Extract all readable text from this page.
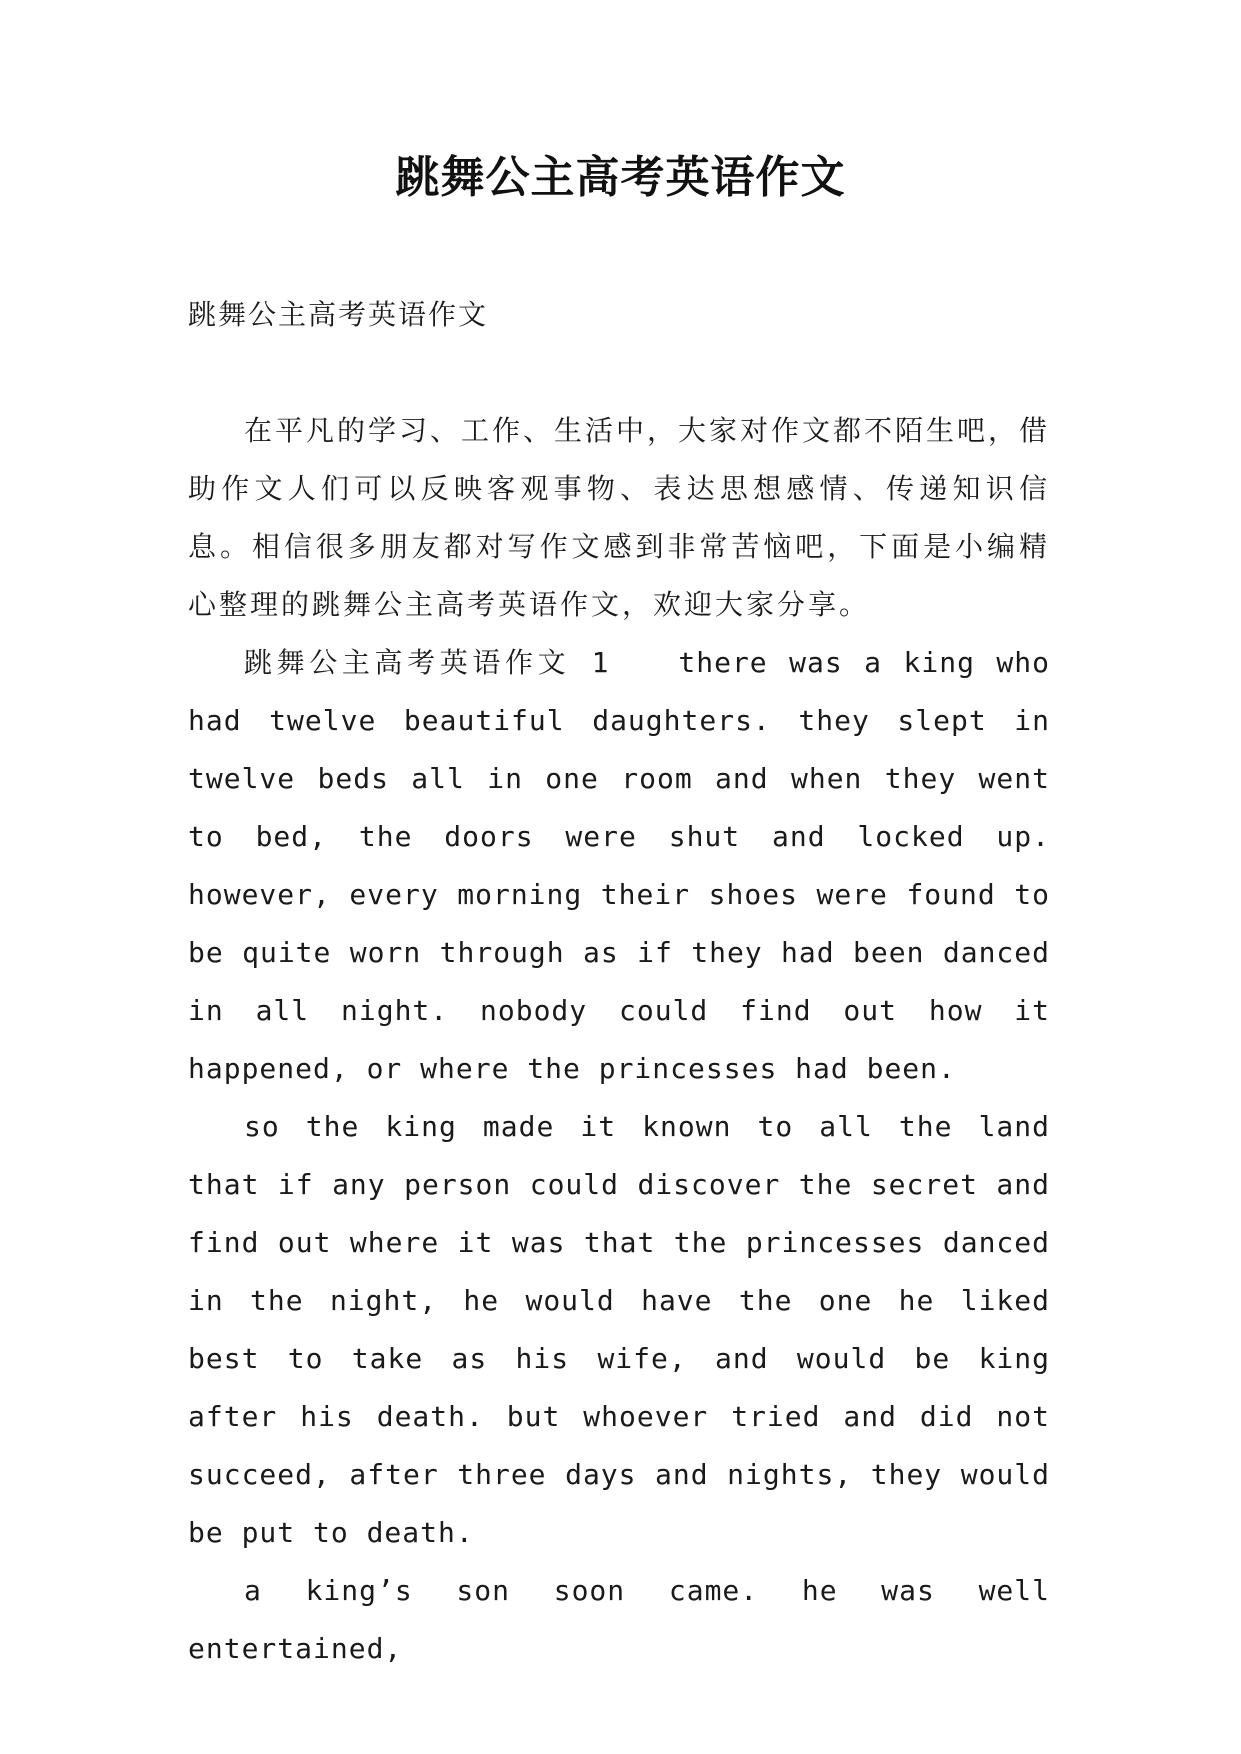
跳舞公主高考英语作文
跳舞公主高考英语作文

在平凡的学习、工作、生活中，大家对作文都不陌生吧，借助作文人们可以反映客观事物、表达思想感情、传递知识信息。相信很多朋友都对写作文感到非常苦恼吧，下面是小编精心整理的跳舞公主高考英语作文，欢迎大家分享。

跳舞公主高考英语作文 1　　there was a king who had twelve beautiful daughters. they slept in twelve beds all in one room and when they went to bed, the doors were shut and locked up. however, every morning their shoes were found to be quite worn through as if they had been danced in all night. nobody could find out how it happened, or where the princesses had been.

so the king made it known to all the land that if any person could discover the secret and find out where it was that the princesses danced in the night, he would have the one he liked best to take as his wife, and would be king after his death. but whoever tried and did not succeed, after three days and nights, they would be put to death.

a king’s son soon came. he was well entertained,
